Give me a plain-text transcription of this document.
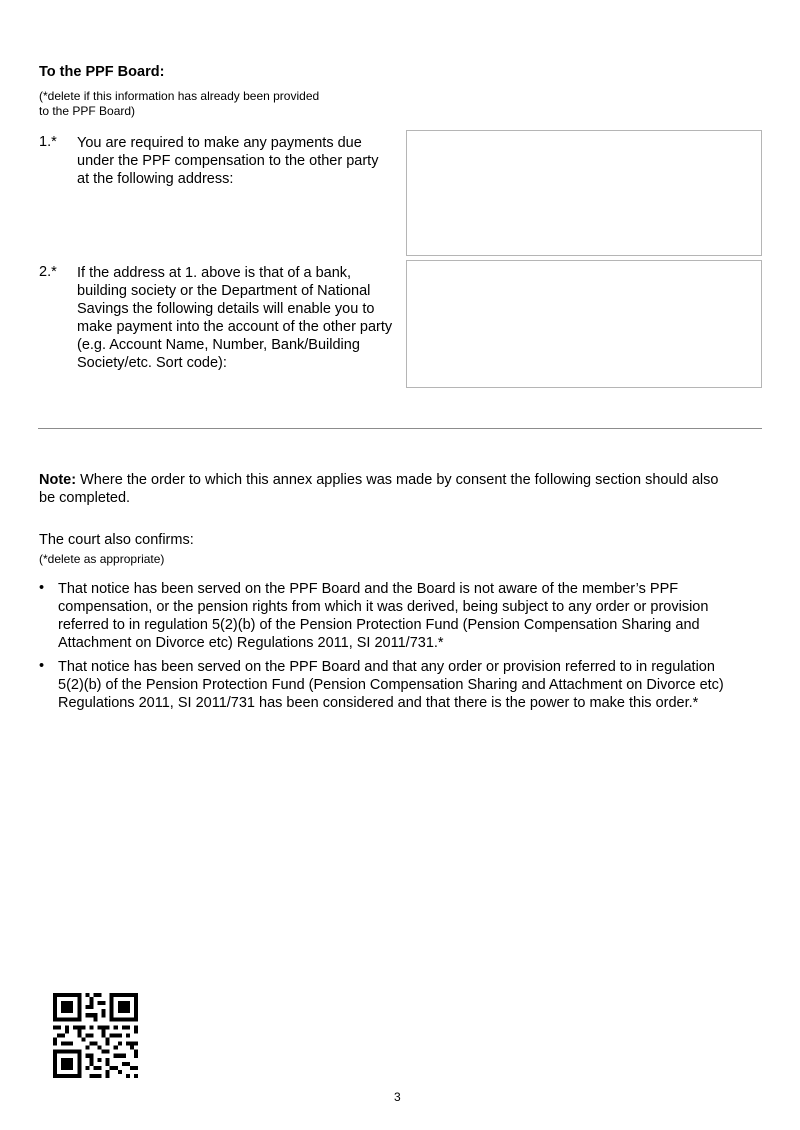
To the PPF Board:
(*delete if this information has already been provided
to the PPF Board)
1.* You are required to make any payments due
under the PPF compensation to the other party
at the following address:
2.* If the address at 1. above is that of a bank,
building society or the Department of National
Savings the following details will enable you to
make payment into the account of the other party
(e.g. Account Name, Number, Bank/Building
Society/etc. Sort code):
Note: Where the order to which this annex applies was made by consent the following section should also
be completed.
The court also confirms:
(*delete as appropriate)
• That notice has been served on the PPF Board and the Board is not aware of the member’s PPF
compensation, or the pension rights from which it was derived, being subject to any order or provision
referred to in regulation 5(2)(b) of the Pension Protection Fund (Pension Compensation Sharing and
Attachment on Divorce etc) Regulations 2011, SI 2011/731.*
• That notice has been served on the PPF Board and that any order or provision referred to in regulation
5(2)(b) of the Pension Protection Fund (Pension Compensation Sharing and Attachment on Divorce etc)
Regulations 2011, SI 2011/731 has been considered and that there is the power to make this order.*
3
